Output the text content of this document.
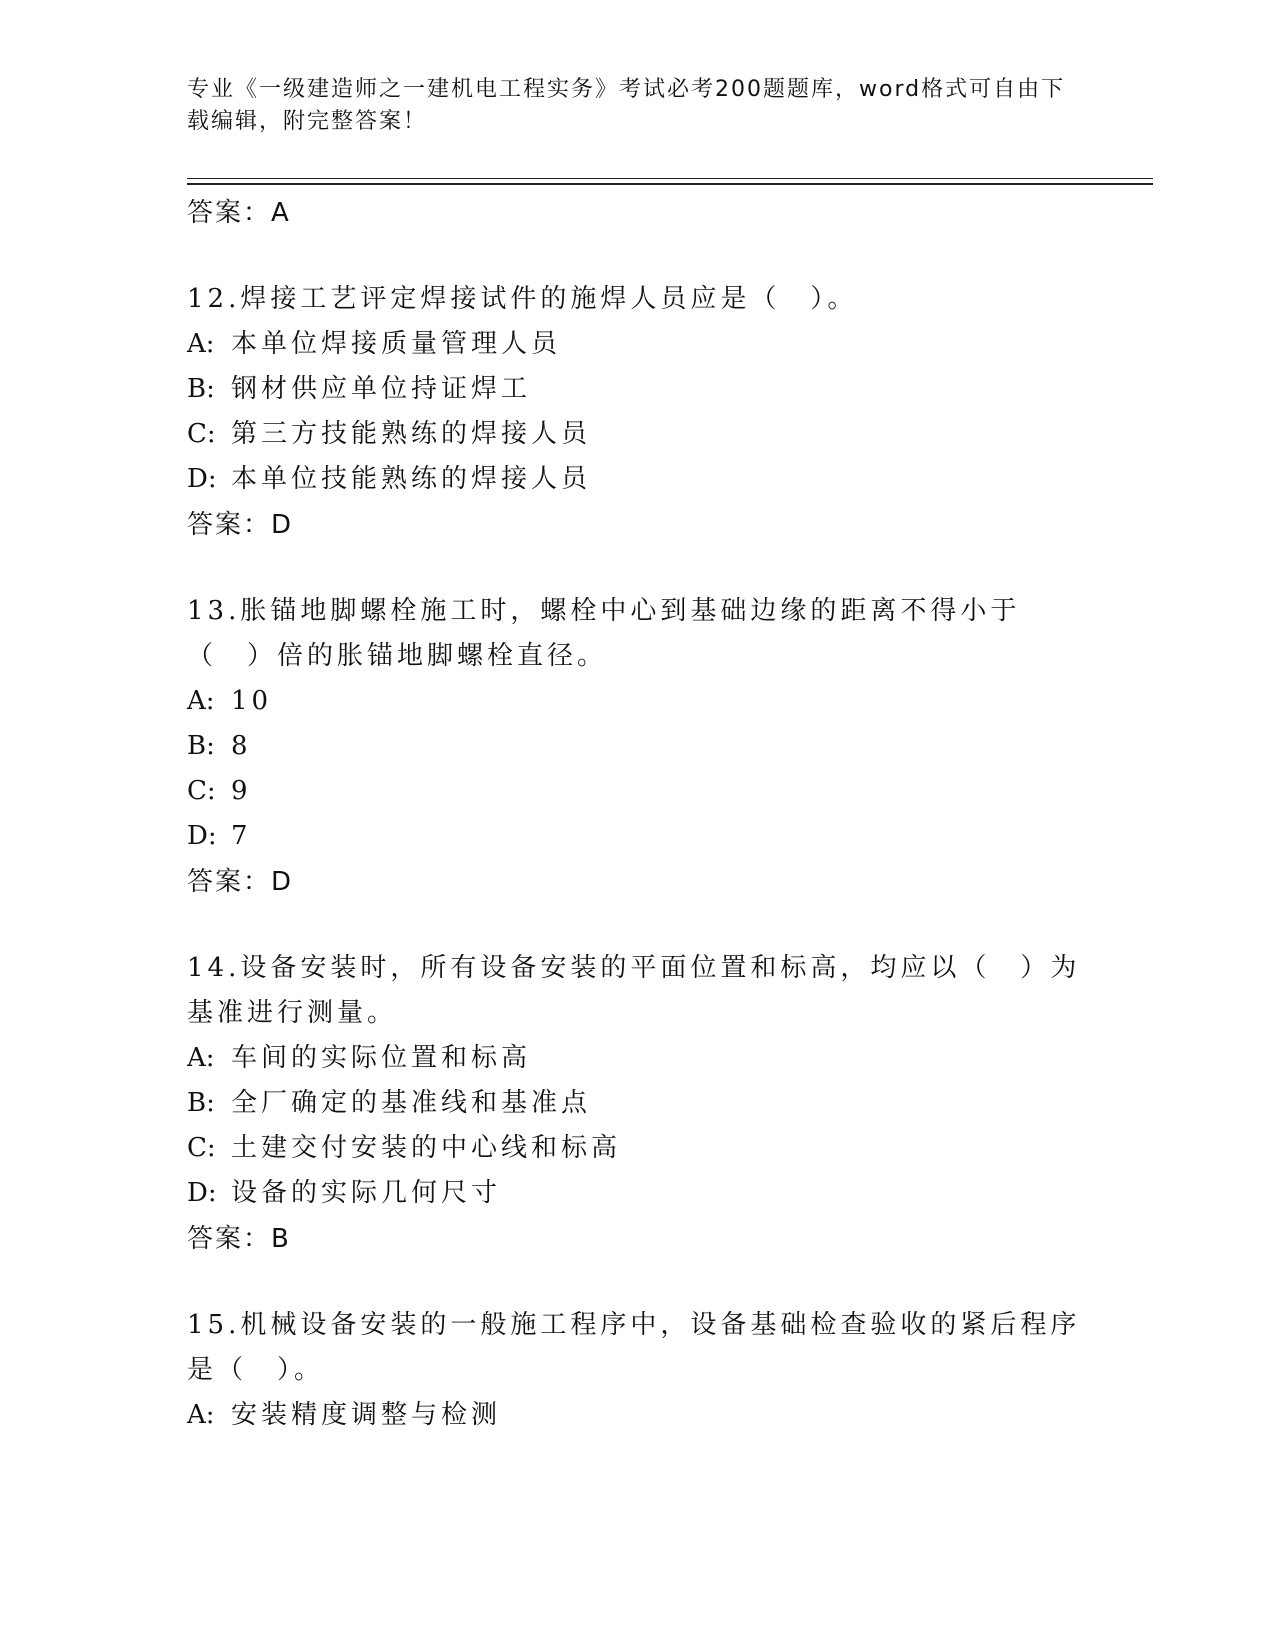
专业《一级建造师之一建机电工程实务》考试必考200题题库，word格式可自由下载编辑，附完整答案！

答案：A

12.焊接工艺评定焊接试件的施焊人员应是（　）。

A: 本单位焊接质量管理人员

B: 钢材供应单位持证焊工

C: 第三方技能熟练的焊接人员

D: 本单位技能熟练的焊接人员

答案：D

13.胀锚地脚螺栓施工时，螺栓中心到基础边缘的距离不得小于（　）倍的胀锚地脚螺栓直径。

A: 10

B: 8

C: 9

D: 7

答案：D

14.设备安装时，所有设备安装的平面位置和标高，均应以（　）为基准进行测量。

A: 车间的实际位置和标高

B: 全厂确定的基准线和基准点

C: 土建交付安装的中心线和标高

D: 设备的实际几何尺寸

答案：B

15.机械设备安装的一般施工程序中，设备基础检查验收的紧后程序是（　）。

A: 安装精度调整与检测
